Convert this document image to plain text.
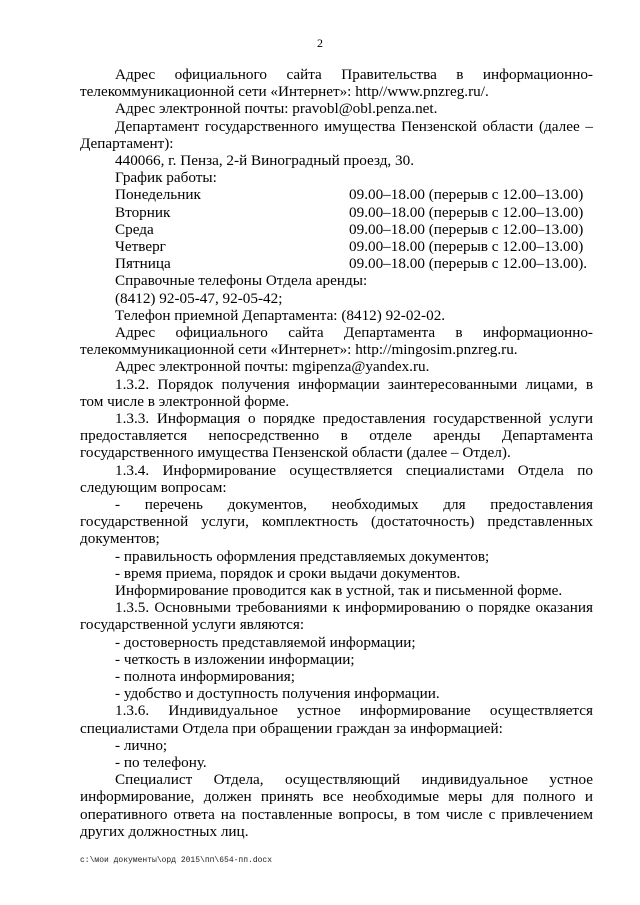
2

Адрес официального сайта Правительства в информационно-телекоммуникационной сети «Интернет»: http//www.pnzreg.ru/.

Адрес электронной почты: pravobl@obl.penza.net.

Департамент государственного имущества Пензенской области (далее – Департамент):

440066, г. Пенза, 2-й Виноградный проезд, 30.

График работы:

Понедельник	09.00–18.00 (перерыв с 12.00–13.00)
Вторник	09.00–18.00 (перерыв с 12.00–13.00)
Среда	09.00–18.00 (перерыв с 12.00–13.00)
Четверг	09.00–18.00 (перерыв с 12.00–13.00)
Пятница	09.00–18.00 (перерыв с 12.00–13.00).

Справочные телефоны Отдела аренды:

(8412) 92-05-47, 92-05-42;

Телефон приемной Департамента: (8412) 92-02-02.

Адрес официального сайта Департамента в информационно-телекоммуникационной сети «Интернет»: http://mingosim.pnzreg.ru.

Адрес электронной почты: mgipenza@yandex.ru.

1.3.2. Порядок получения информации заинтересованными лицами, в том числе в электронной форме.

1.3.3. Информация о порядке предоставления государственной услуги предоставляется непосредственно в отделе аренды Департамента государственного имущества Пензенской области (далее – Отдел).

1.3.4. Информирование осуществляется специалистами Отдела по следующим вопросам:

- перечень документов, необходимых для предоставления государственной услуги, комплектность (достаточность) представленных документов;

- правильность оформления представляемых документов;

- время приема, порядок и сроки выдачи документов.

Информирование проводится как в устной, так и письменной форме.

1.3.5. Основными требованиями к информированию о порядке оказания государственной услуги являются:

- достоверность представляемой информации;

- четкость в изложении информации;

- полнота информирования;

- удобство и доступность получения информации.

1.3.6. Индивидуальное устное информирование осуществляется специалистами Отдела при обращении граждан за информацией:

- лично;

- по телефону.

Специалист Отдела, осуществляющий индивидуальное устное информирование, должен принять все необходимые меры для полного и оперативного ответа на поставленные вопросы, в том числе с привлечением других должностных лиц.

c:\мои документы\орд 2015\пп\654-пп.docx
